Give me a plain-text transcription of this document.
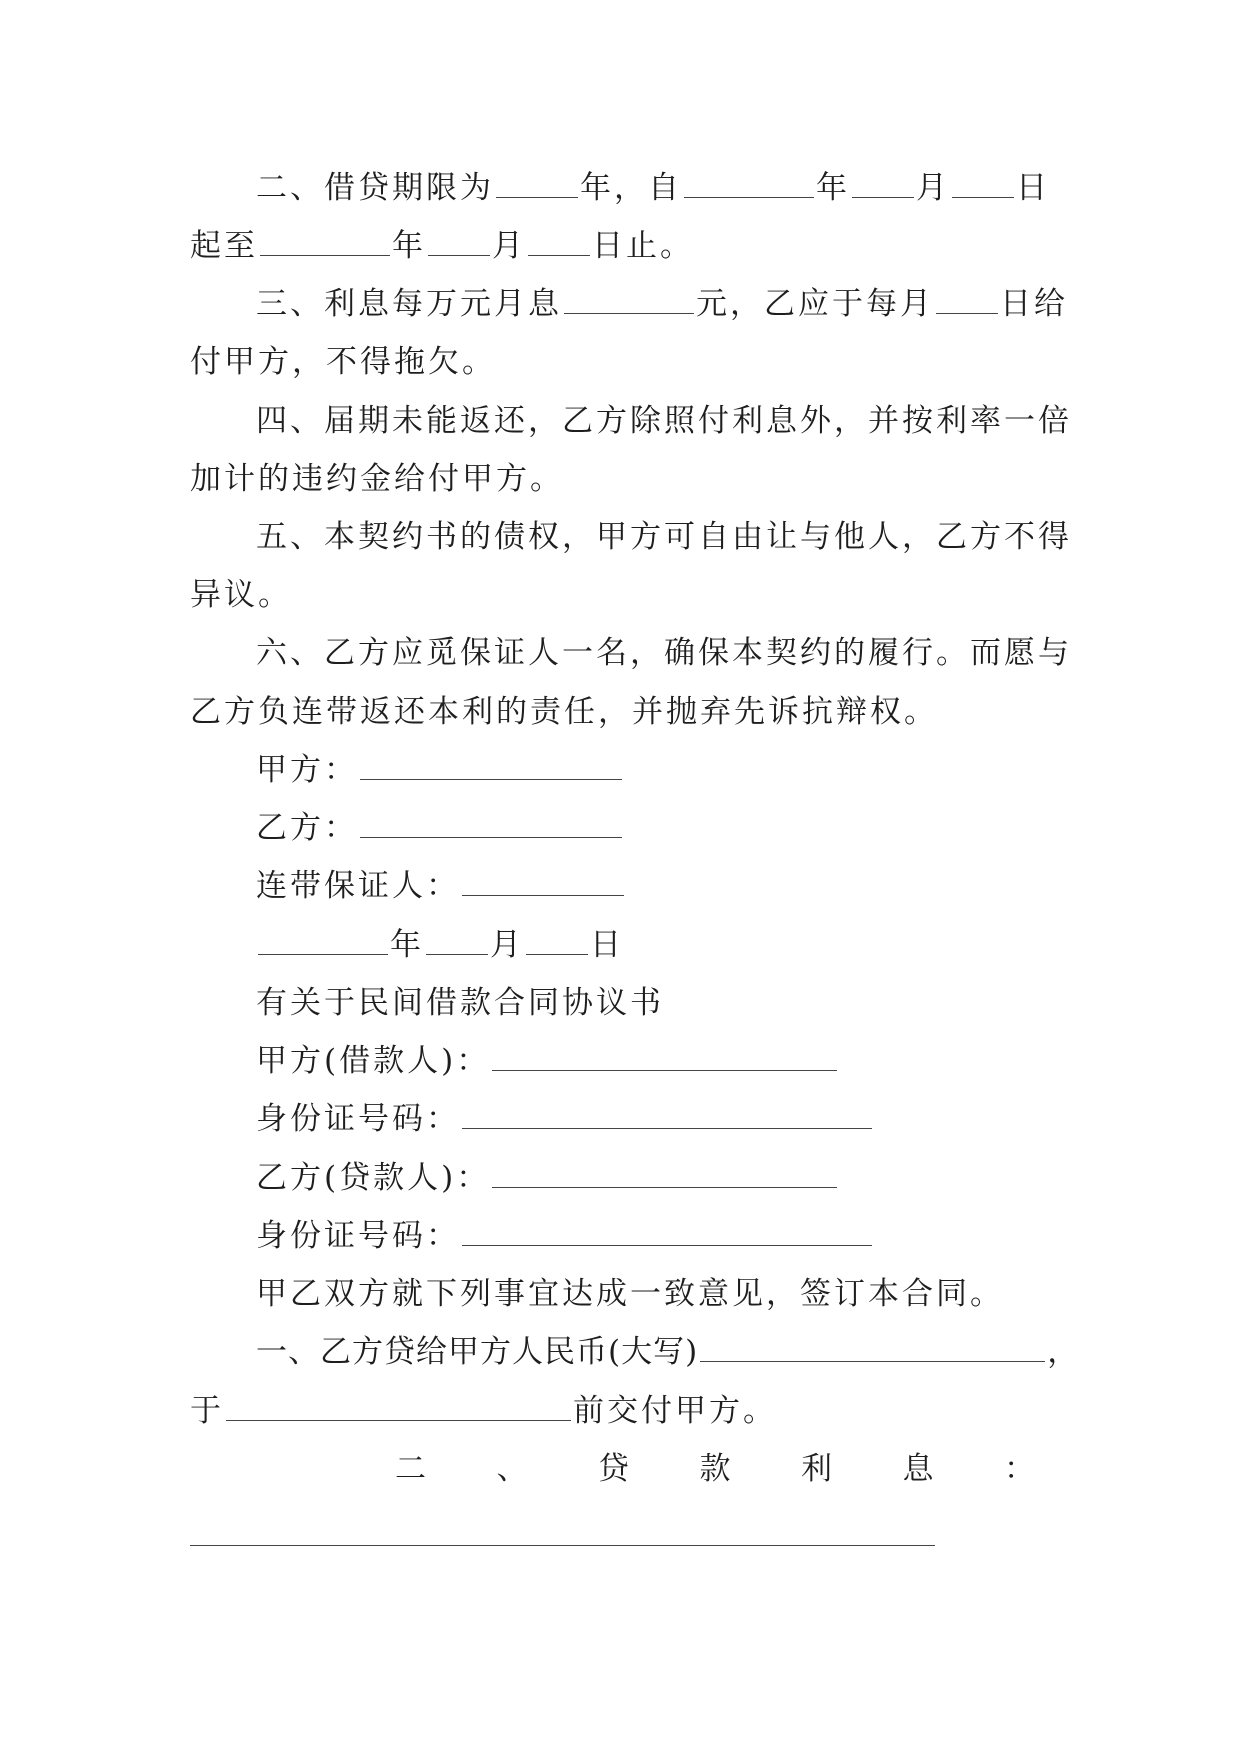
二、借贷期限为	年，自	年 月 日
起至	年 月 日止。
三、利息每万元月息	元，乙应于每月 日给
付甲方，不得拖欠。
四、届期未能返还，乙方除照付利息外，并按利率一倍
加计的违约金给付甲方。
五、本契约书的债权，甲方可自由让与他人，乙方不得
异议。
六、乙方应觅保证人一名，确保本契约的履行。而愿与
乙方负连带返还本利的责任，并抛弃先诉抗辩权。
甲方：
乙方：
连带保证人：
年 月 日
有关于民间借款合同协议书
甲方(借款人)：
身份证号码：
乙方(贷款人)：
身份证号码：
甲乙双方就下列事宜达成一致意见，签订本合同。
一、乙方贷给甲方人民币(大写)	，
于	前交付甲方。
二 、 贷 款 利 息 ：
